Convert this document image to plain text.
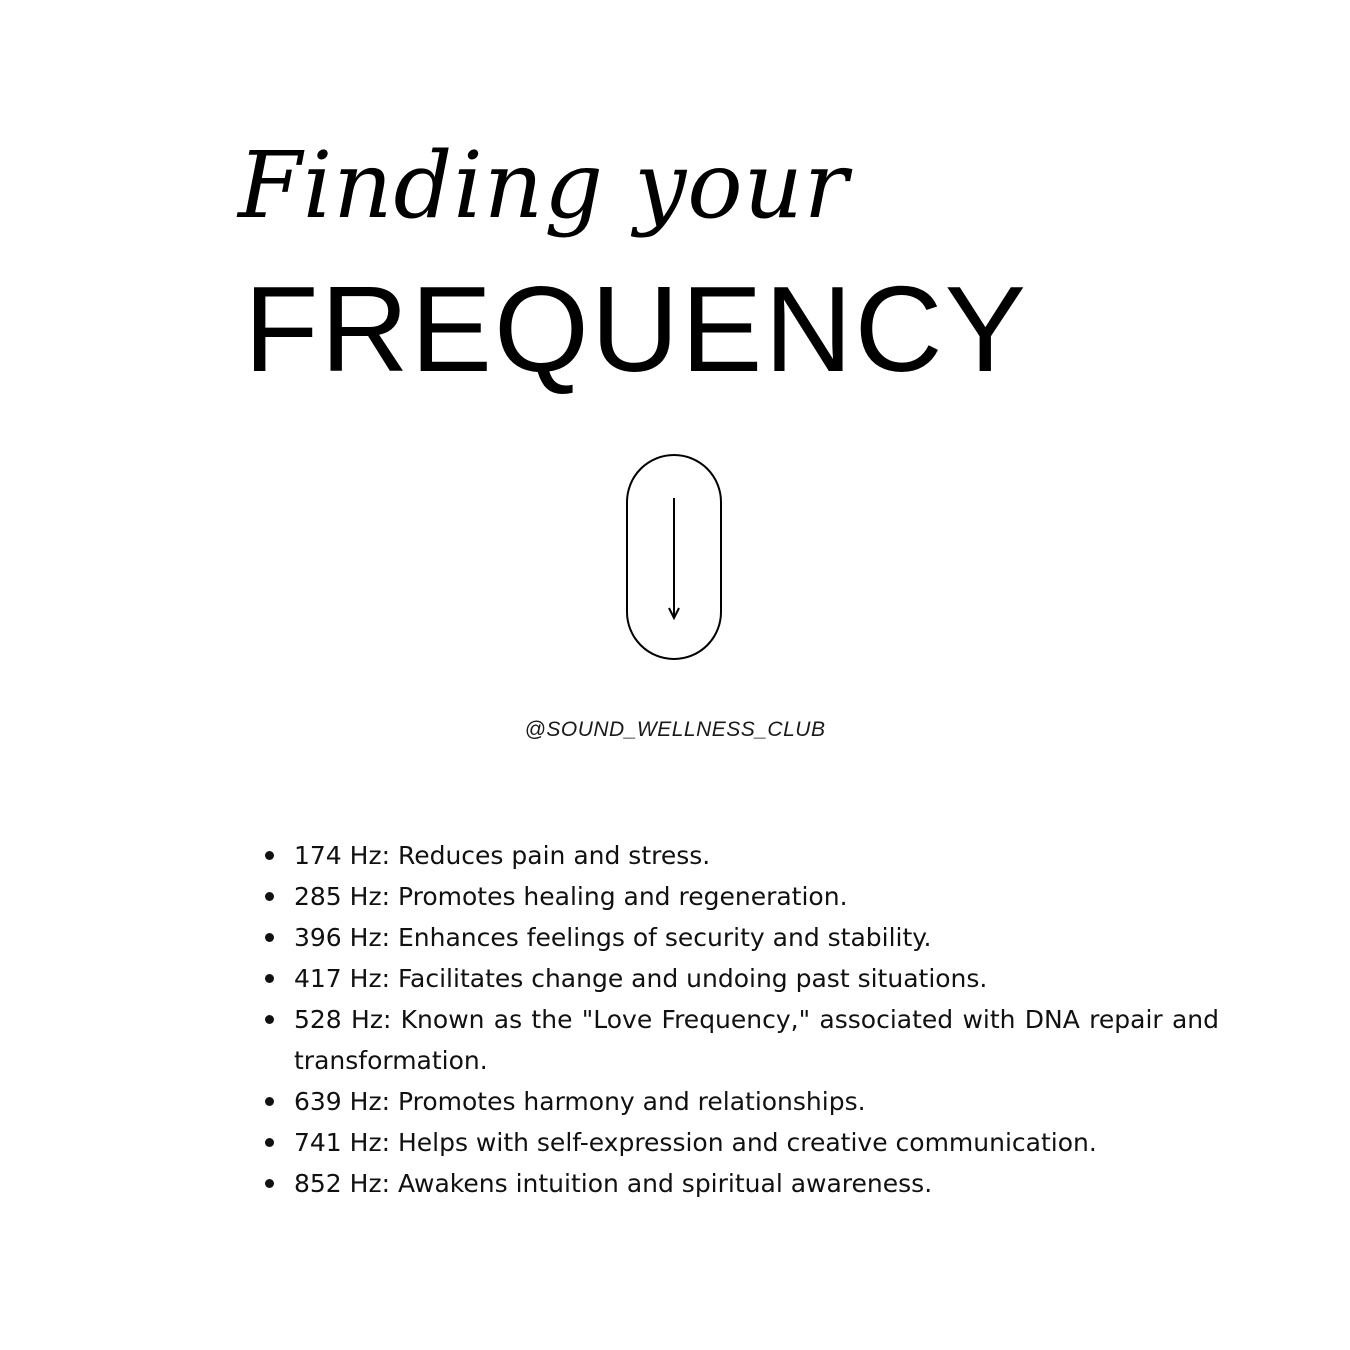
Finding your
FREQUENCY
@SOUND_WELLNESS_CLUB
174 Hz: Reduces pain and stress.
285 Hz: Promotes healing and regeneration.
396 Hz: Enhances feelings of security and stability.
417 Hz: Facilitates change and undoing past situations.
528 Hz: Known as the "Love Frequency," associated with DNA repair and transformation.
639 Hz: Promotes harmony and relationships.
741 Hz: Helps with self-expression and creative communication.
852 Hz: Awakens intuition and spiritual awareness.
